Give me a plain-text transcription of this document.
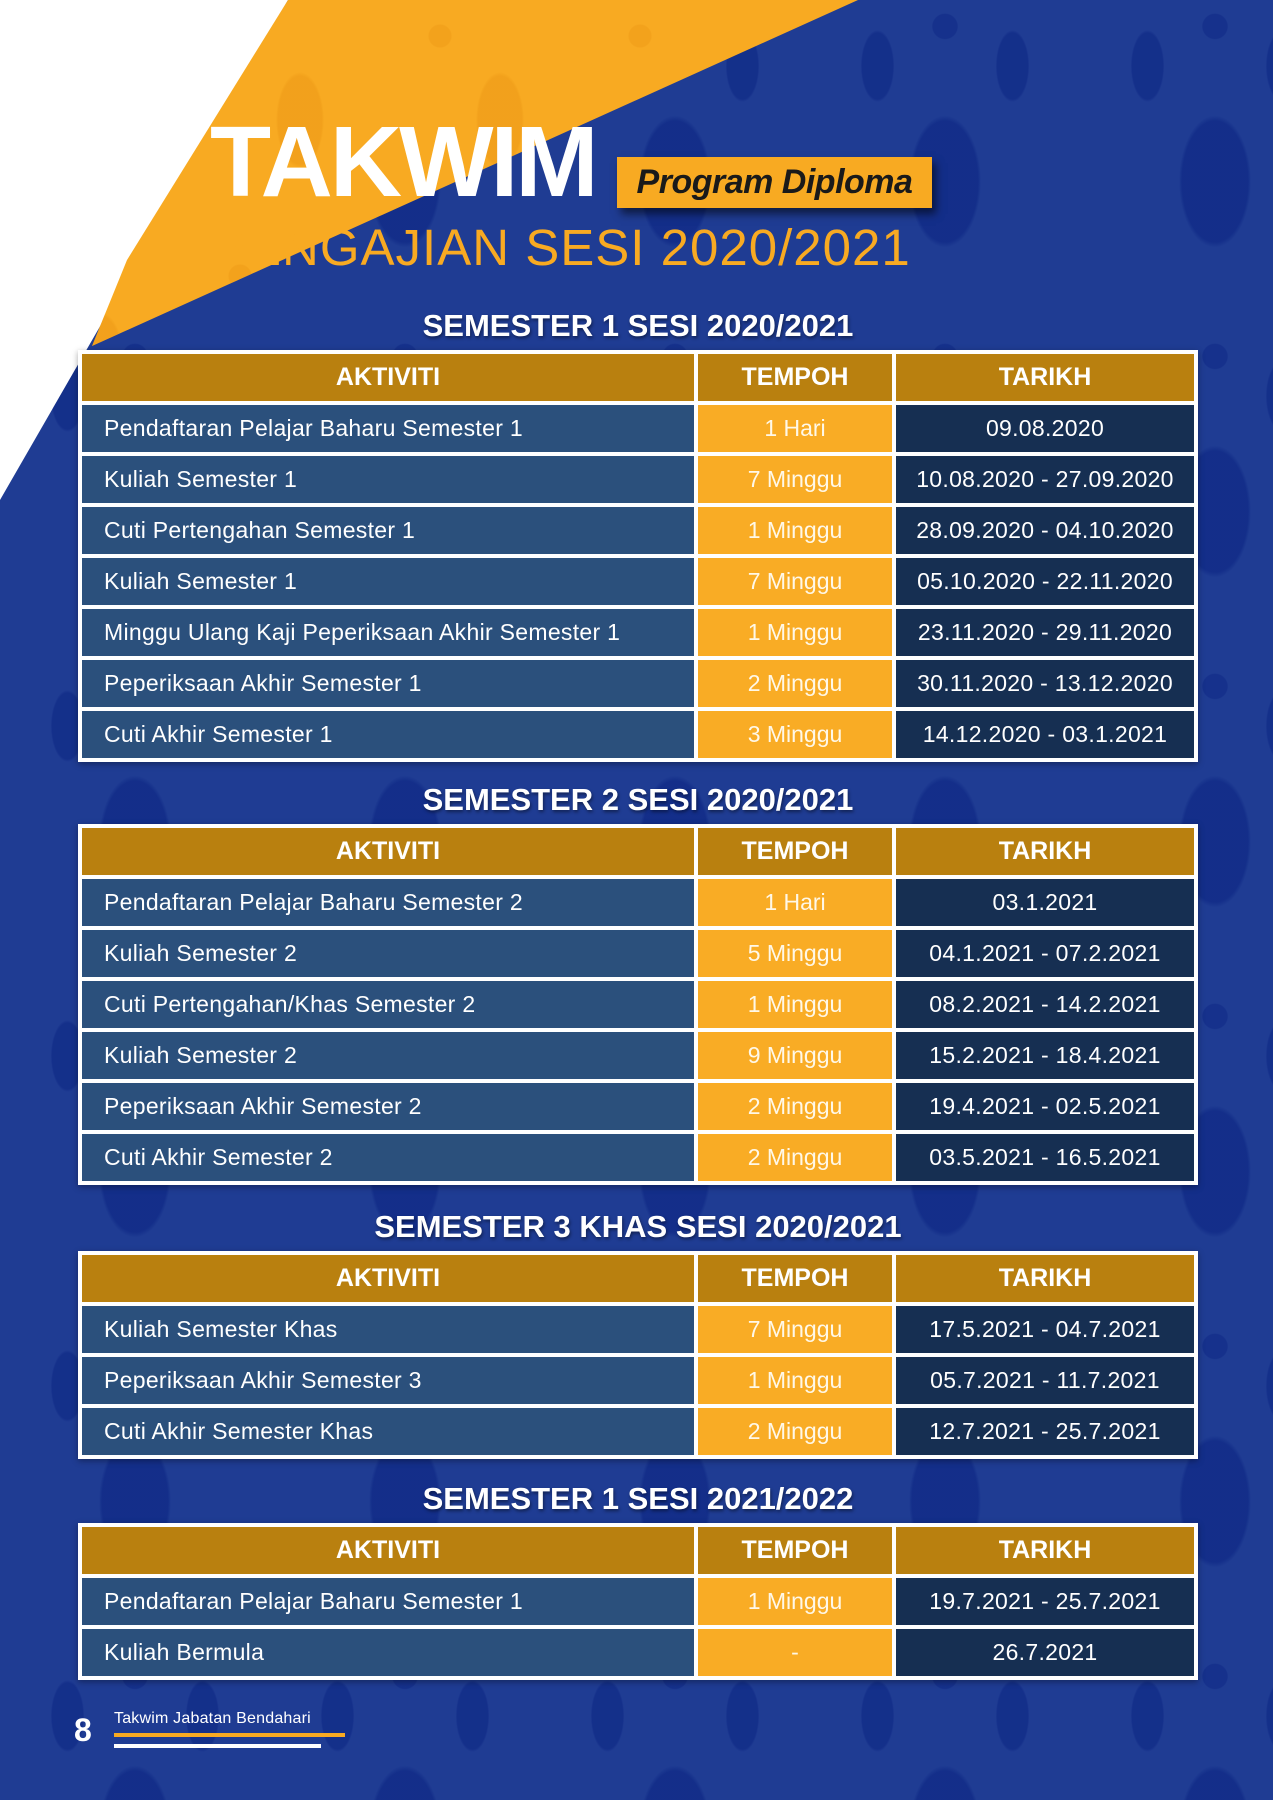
TAKWIM Program Diploma
PENGAJIAN SESI 2020/2021
SEMESTER 1 SESI 2020/2021
AKTIVITI	TEMPOH	TARIKH
Pendaftaran Pelajar Baharu Semester 1	1 Hari	09.08.2020
Kuliah Semester 1	7 Minggu	10.08.2020 - 27.09.2020
Cuti Pertengahan Semester 1	1 Minggu	28.09.2020 - 04.10.2020
Kuliah Semester 1	7 Minggu	05.10.2020 - 22.11.2020
Minggu Ulang Kaji Peperiksaan Akhir Semester 1	1 Minggu	23.11.2020 - 29.11.2020
Peperiksaan Akhir Semester 1	2 Minggu	30.11.2020 - 13.12.2020
Cuti Akhir Semester 1	3 Minggu	14.12.2020 - 03.1.2021
SEMESTER 2 SESI 2020/2021
AKTIVITI	TEMPOH	TARIKH
Pendaftaran Pelajar Baharu Semester 2	1 Hari	03.1.2021
Kuliah Semester 2	5 Minggu	04.1.2021 - 07.2.2021
Cuti Pertengahan/Khas Semester 2	1 Minggu	08.2.2021 - 14.2.2021
Kuliah Semester 2	9 Minggu	15.2.2021 - 18.4.2021
Peperiksaan Akhir Semester 2	2 Minggu	19.4.2021 - 02.5.2021
Cuti Akhir Semester 2	2 Minggu	03.5.2021 - 16.5.2021
SEMESTER 3 KHAS SESI 2020/2021
AKTIVITI	TEMPOH	TARIKH
Kuliah Semester Khas	7 Minggu	17.5.2021 - 04.7.2021
Peperiksaan Akhir Semester 3	1 Minggu	05.7.2021 - 11.7.2021
Cuti Akhir Semester Khas	2 Minggu	12.7.2021 - 25.7.2021
SEMESTER 1 SESI 2021/2022
AKTIVITI	TEMPOH	TARIKH
Pendaftaran Pelajar Baharu Semester 1	1 Minggu	19.7.2021 - 25.7.2021
Kuliah Bermula	-	26.7.2021
8 Takwim Jabatan Bendahari
